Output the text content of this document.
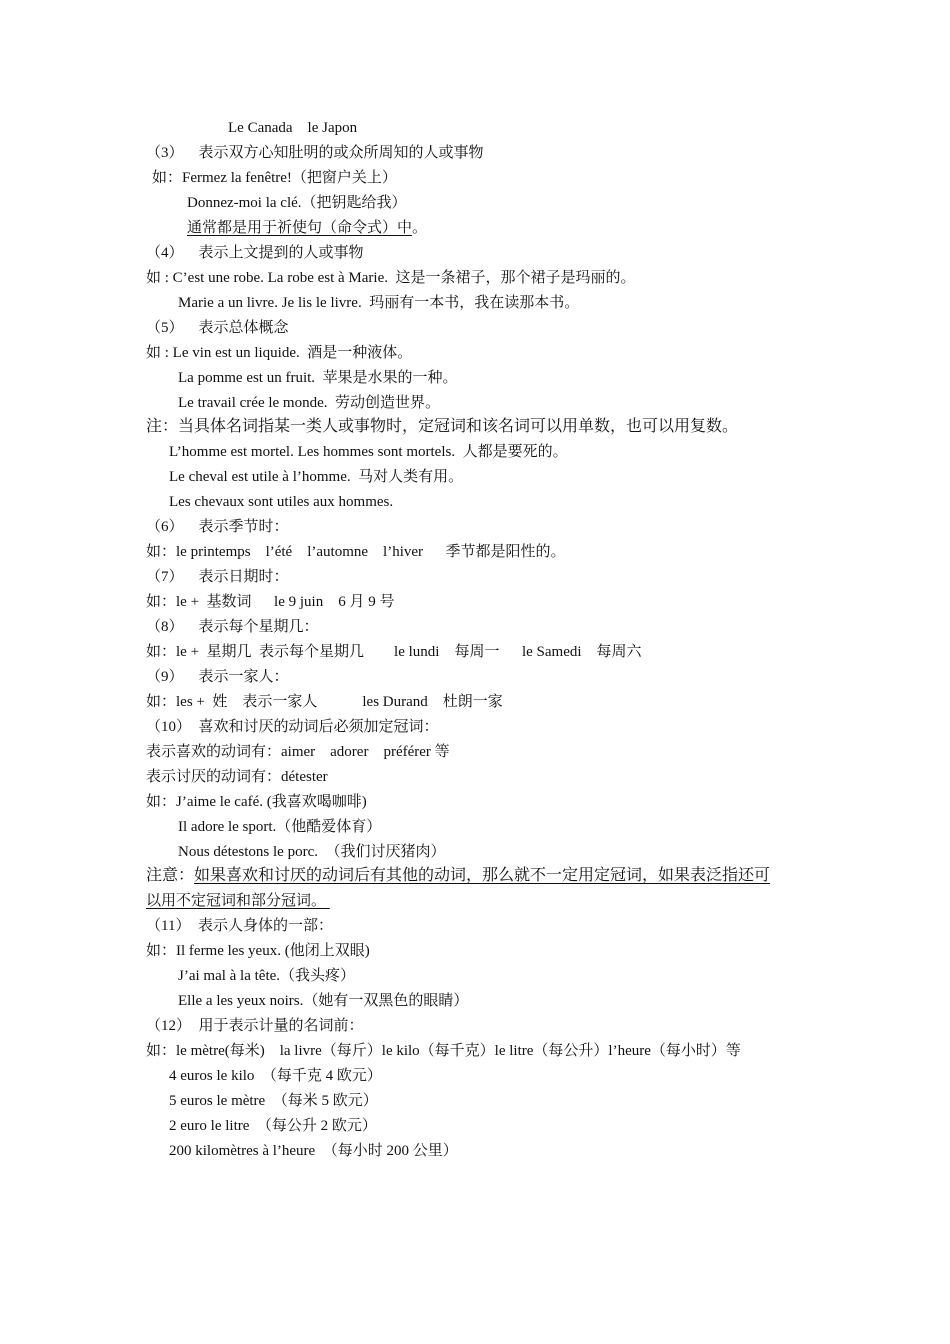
Le Canada    le Japon
（3）    表示双方心知肚明的或众所周知的人或事物
如：Fermez la fenêtre!（把窗户关上）
Donnez-moi la clé.（把钥匙给我）
通常都是用于祈使句（命令式）中。
（4）    表示上文提到的人或事物
如 : C’est une robe. La robe est à Marie.  这是一条裙子，那个裙子是玛丽的。
Marie a un livre. Je lis le livre.  玛丽有一本书，我在读那本书。
（5）    表示总体概念
如 : Le vin est un liquide.  酒是一种液体。
La pomme est un fruit.  苹果是水果的一种。
Le travail crée le monde.  劳动创造世界。
注：当具体名词指某一类人或事物时，定冠词和该名词可以用单数，也可以用复数。
L’homme est mortel. Les hommes sont mortels.  人都是要死的。
Le cheval est utile à l’homme.  马对人类有用。
Les chevaux sont utiles aux hommes.
（6）    表示季节时：
如：le printemps    l’été    l’automne    l’hiver      季节都是阳性的。
（7）    表示日期时：
如：le +  基数词      le 9 juin    6 月 9 号
（8）    表示每个星期几：
如：le +  星期几  表示每个星期几        le lundi    每周一      le Samedi    每周六
（9）    表示一家人：
如：les +  姓    表示一家人            les Durand    杜朗一家
（10）  喜欢和讨厌的动词后必须加定冠词：
表示喜欢的动词有：aimer    adorer    préférer 等
表示讨厌的动词有：détester
如：J’aime le café. (我喜欢喝咖啡)
Il adore le sport.（他酷爱体育）
Nous détestons le porc.  （我们讨厌猪肉）
注意：如果喜欢和讨厌的动词后有其他的动词，那么就不一定用定冠词，如果表泛指还可
以用不定冠词和部分冠词。
（11）  表示人身体的一部：
如：Il ferme les yeux. (他闭上双眼)
J’ai mal à la tête.（我头疼）
Elle a les yeux noirs.（她有一双黑色的眼睛）
（12）  用于表示计量的名词前：
如：le mètre(每米)    la livre（每斤）le kilo（每千克）le litre（每公升）l’heure（每小时）等
4 euros le kilo  （每千克 4 欧元）
5 euros le mètre  （每米 5 欧元）
2 euro le litre  （每公升 2 欧元）
200 kilomètres à l’heure  （每小时 200 公里）
